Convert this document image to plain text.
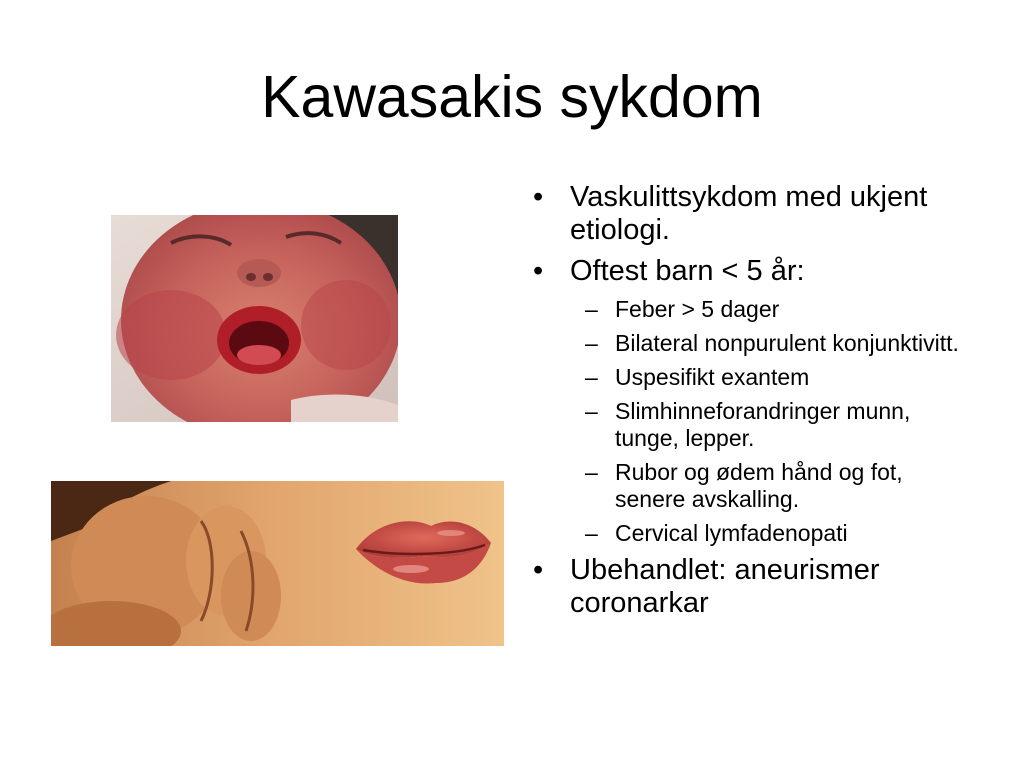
Kawasakis sykdom
• Vaskulittsykdom med ukjent etiologi.
• Oftest barn < 5 år:
– Feber > 5 dager
– Bilateral nonpurulent konjunktivitt.
– Uspesifikt exantem
– Slimhinneforandringer munn, tunge, lepper.
– Rubor og ødem hånd og fot, senere avskalling.
– Cervical lymfadenopati
• Ubehandlet: aneurismer coronarkar
